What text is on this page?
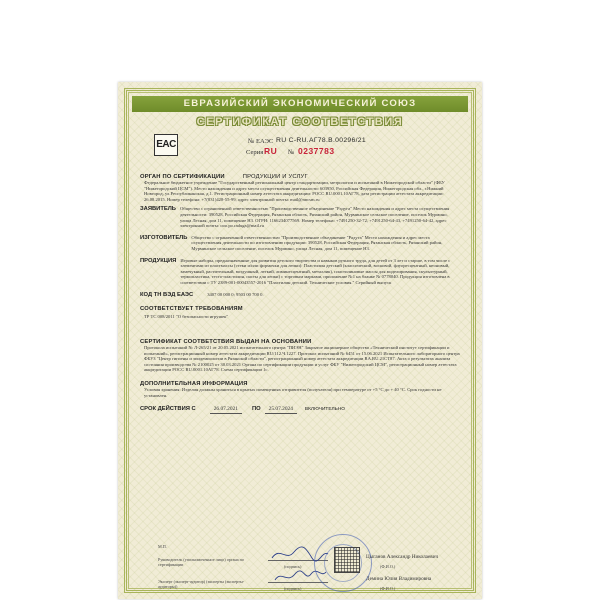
ЕВРАЗИЙСКИЙ ЭКОНОМИЧЕСКИЙ СОЮЗ
СЕРТИФИКАТ СООТВЕТСТВИЯ
EAC	№ ЕАЭС RU C-RU.АГ78.В.00296/21
Серия RU № 0237783
ОРГАН ПО СЕРТИФИКАЦИИ	ПРОДУКЦИИ И УСЛУГ
Федеральное бюджетное учреждение "Государственный региональный центр стандартизации, метрологии и испытаний в Нижегородской области" (ФБУ "Нижегородский ЦСМ"). Место нахождения и адрес места осуществления деятельности: 603950, Российская Федерация, Нижегородская обл., г.Нижний Новгород, ул.Республиканская, д.1. Регистрационный номер аттестата аккредитации: РОСС RU.0001.10АГ78, дата регистрации аттестата аккредитации: 26.08.2015. Номер телефона: +7(831)428-55-99, адрес электронной почты: mail@nncsm.ru
ЗАЯВИТЕЛЬ Общество с ограниченной ответственностью "Производственное объединение "Радуга" Место нахождения и адрес места осуществления деятельности: 390528, Российская Федерация, Рязанская область, Рязанский район, Мурминское сельское поселение, поселок Мурмино, улица Лесная, дом 11, помещение Н3. ОГРН: 1166234077569. Номер телефона: +7491250-32-72, +7491250-64-43, +7491250-64-42, адрес электронной почты: ooo.po.raduga@mail.ru
ИЗГОТОВИТЕЛЬ Общество с ограниченной ответственностью "Производственное объединение "Радуга" Место нахождения и адрес места осуществления деятельности по изготовлению продукции: 390528, Российская Федерация, Рязанская область, Рязанский район, Мурминское сельское поселение, поселок Мурмино, улица Лесная, дом 11, помещение Н3.
ПРОДУКЦИЯ Игровые наборы, предназначенные для развития детского творчества и навыков ручного труда, для детей от 3 лет и старше, в том числе с элементами из пластмассы (стеки и/или формочки для лепки): Пластилин детский (классический, восковой, флуоресцентный, неоновый, замечукный, растительный, воздушный, легкий, лиминесцентный, металлик), пластилиновые массы для моделирования, скульптурный, термопластика, тесто-пластилин, пасты для лепки) с торговым марками, приложение №1 на бланке № 0778040. Продукция изготовлена в соответствии с ТУ 2389-001-00043557-2016 "Пластилин детский. Технические условия." Серийный выпуск
КОД ТН ВЭД ЕАЭС	3407 00 000 0; 9503 00 700 0.
СООТВЕТСТВУЕТ ТРЕБОВАНИЯМ
ТР ТС 008/2011 "О безопасности игрушек"
СЕРТИФИКАТ СООТВЕТСТВИЯ ВЫДАН НА ОСНОВАНИИ
Протокола испытаний № Л-265/21 от 20.05.2021 испытательного центра "ПИЭН" Закрытое акционерное общество «Технический институт сертификации и испытаний», регистрационный номер аттестата аккредитации RU/112.Ч.1227. Протокол испытаний № 6451 от 15.06.2021 Испытательного лабораторного центра ФБУЗ "Центр гигиены и эпидемиологии в Рязанской области", регистрационный номер аттестата аккредитации RA.RU.21CT87. Акта о результатах анализа состояния производства № 2100025 от 30.03.2021 Органа по сертификации продукции и услуг ФБУ "Нижегородский ЦСМ", регистрационный номер аттестата аккредитации РОСС RU.0001.10АГ78. Схема сертификации 1с.
ДОПОЛНИТЕЛЬНАЯ ИНФОРМАЦИЯ
Условия хранения: Изделия должны храниться в крытых помещениях отправителя (получателя) при температуре от +5 °С до + 40 °С. Срок годности не установлен.
СРОК ДЕЙСТВИЯ С	26.07.2021	ПО	25.07.2024	ВКЛЮЧИТЕЛЬНО
Руководитель (уполномоченное лицо) органа по сертификации
Цыганов Александр Николаевич
(подпись)	(Ф.И.О.)
Эксперт (эксперт-аудитор) (эксперты (эксперты-аудиторы))
Демина Юлия Владимировна
(подпись)	(Ф.И.О.)
М.П.
